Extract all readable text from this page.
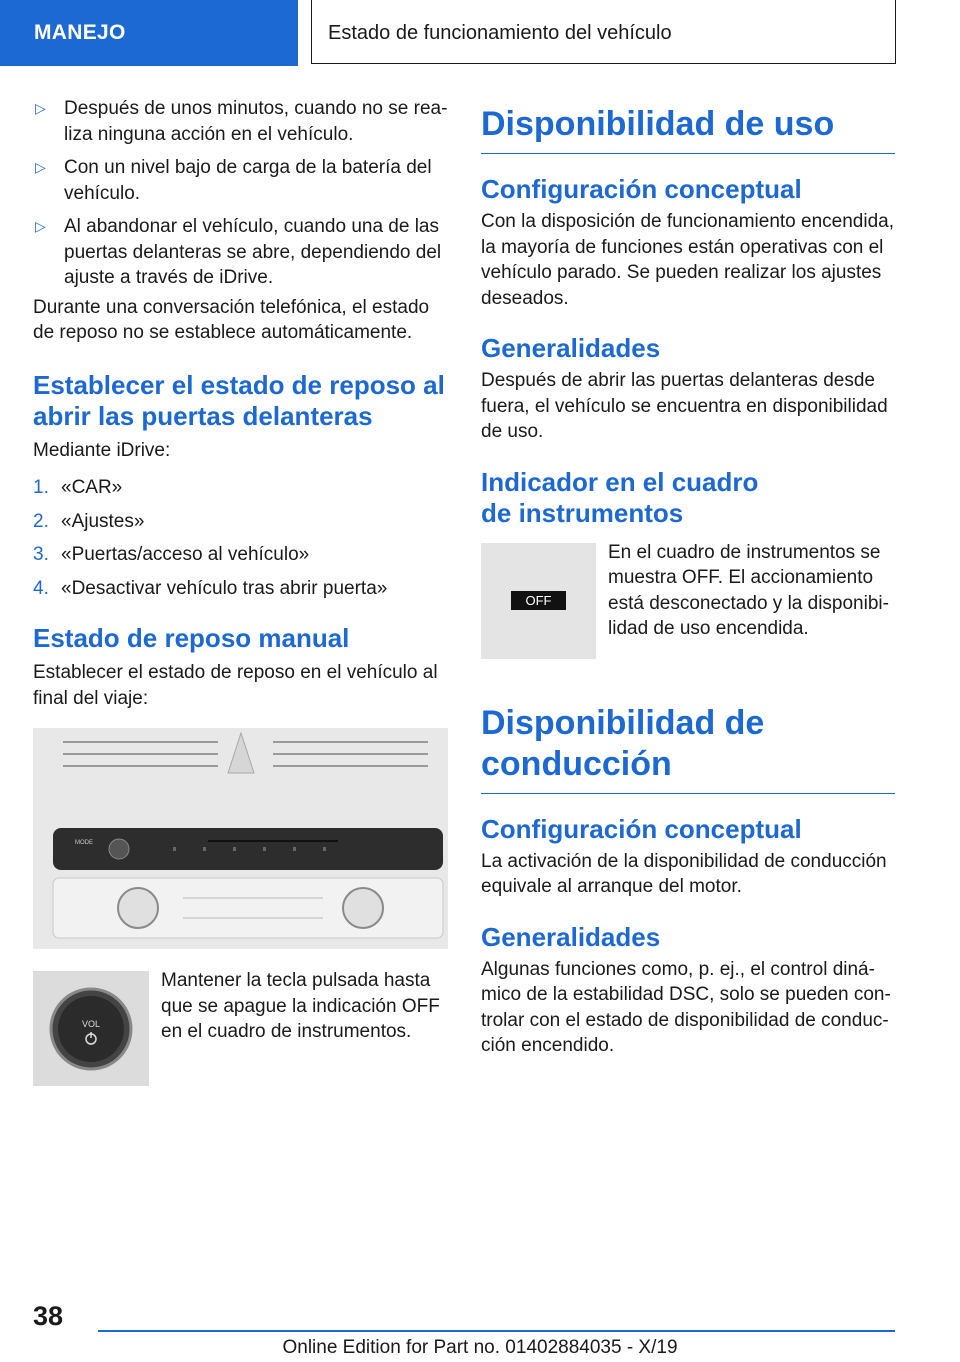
MANEJO	Estado de funcionamiento del vehículo
▷ Después de unos minutos, cuando no se rea-liza ninguna acción en el vehículo.
▷ Con un nivel bajo de carga de la batería del vehículo.
▷ Al abandonar el vehículo, cuando una de las puertas delanteras se abre, dependiendo del ajuste a través de iDrive.

Durante una conversación telefónica, el estado de reposo no se establece automáticamente.

Establecer el estado de reposo al abrir las puertas delanteras

Mediante iDrive:

1. «CAR»
2. «Ajustes»
3. «Puertas/acceso al vehículo»
4. «Desactivar vehículo tras abrir puerta»
Estado de reposo manual

Establecer el estado de reposo en el vehículo al final del viaje:

MODE
VOL

Mantener la tecla pulsada hasta que se apague la indicación OFF en el cuadro de instrumentos.

Disponibilidad de uso
Configuración conceptual

Con la disposición de funcionamiento encendida, la mayoría de funciones están operativas con el vehículo parado. Se pueden realizar los ajustes deseados.

Generalidades

Después de abrir las puertas delanteras desde fuera, el vehículo se encuentra en disponibilidad de uso.

Indicador en el cuadro de instrumentos
OFF

En el cuadro de instrumentos se muestra OFF. El accionamiento está desconectado y la disponibi-lidad de uso encendida.

Disponibilidad de conducción
Configuración conceptual

La activación de la disponibilidad de conducción equivale al arranque del motor.

Generalidades

Algunas funciones como, p. ej., el control diná-mico de la estabilidad DSC, solo se pueden con-trolar con el estado de disponibilidad de conduc-ción encendido.

38
Online Edition for Part no. 01402884035 - X/19
